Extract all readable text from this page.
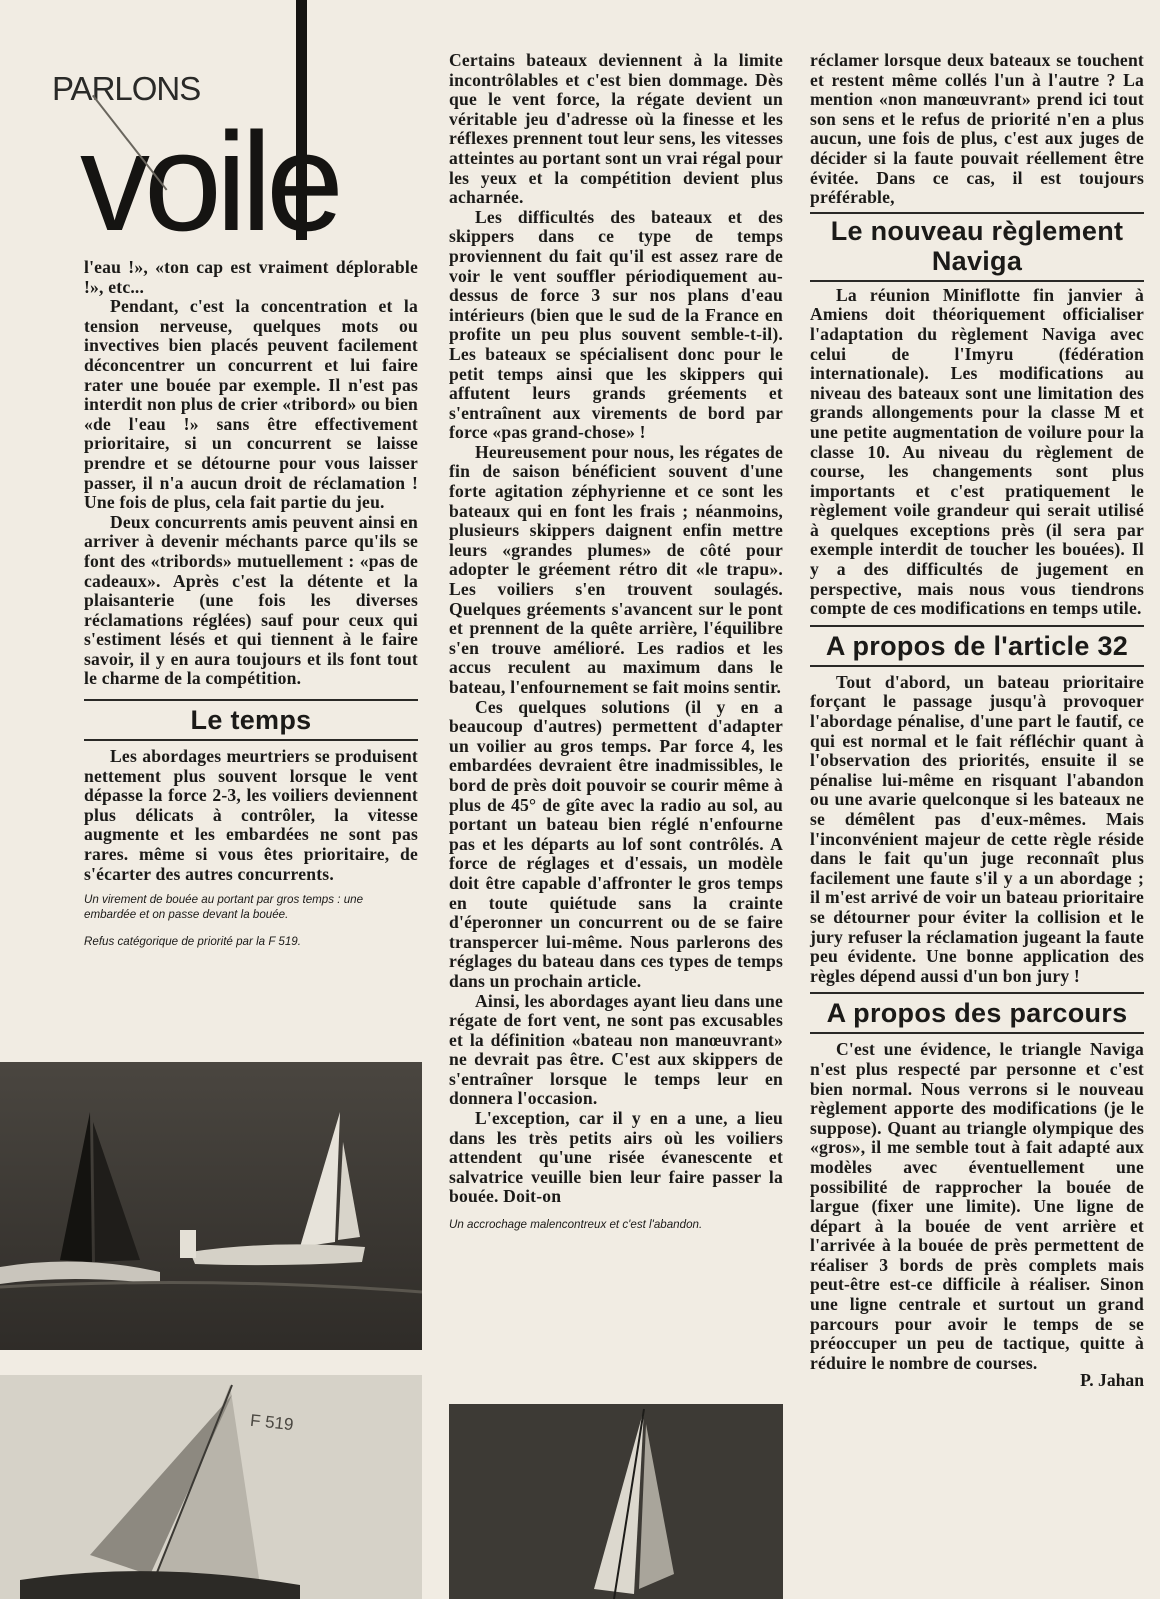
PARLONS
voile

l'eau !», «ton cap est vraiment déplorable !», etc...

Pendant, c'est la concentration et la tension nerveuse, quelques mots ou invectives bien placés peuvent facilement déconcentrer un concurrent et lui faire rater une bouée par exemple. Il n'est pas interdit non plus de crier «tribord» ou bien «de l'eau !» sans être effectivement prioritaire, si un concurrent se laisse prendre et se détourne pour vous laisser passer, il n'a aucun droit de réclamation ! Une fois de plus, cela fait partie du jeu.

Deux concurrents amis peuvent ainsi en arriver à devenir méchants parce qu'ils se font des «tribords» mutuellement : «pas de cadeaux». Après c'est la détente et la plaisanterie (une fois les diverses réclamations réglées) sauf pour ceux qui s'estiment lésés et qui tiennent à le faire savoir, il y en aura toujours et ils font tout le charme de la compétition.

Le temps

Les abordages meurtriers se produisent nettement plus souvent lorsque le vent dépasse la force 2-3, les voiliers deviennent plus délicats à contrôler, la vitesse augmente et les embardées ne sont pas rares. même si vous êtes prioritaire, de s'écarter des autres concurrents.

Un virement de bouée au portant par gros temps : une embardée et on passe devant la bouée.

Refus catégorique de priorité par la F 519.

F 519

Certains bateaux deviennent à la limite incontrôlables et c'est bien dommage. Dès que le vent force, la régate devient un véritable jeu d'adresse où la finesse et les réflexes prennent tout leur sens, les vitesses atteintes au portant sont un vrai régal pour les yeux et la compétition devient plus acharnée.

Les difficultés des bateaux et des skippers dans ce type de temps proviennent du fait qu'il est assez rare de voir le vent souffler périodiquement au-dessus de force 3 sur nos plans d'eau intérieurs (bien que le sud de la France en profite un peu plus souvent semble-t-il). Les bateaux se spécialisent donc pour le petit temps ainsi que les skippers qui affutent leurs grands gréements et s'entraînent aux virements de bord par force «pas grand-chose» !

Heureusement pour nous, les régates de fin de saison bénéficient souvent d'une forte agitation zéphyrienne et ce sont les bateaux qui en font les frais ; néanmoins, plusieurs skippers daignent enfin mettre leurs «grandes plumes» de côté pour adopter le gréement rétro dit «le trapu». Les voiliers s'en trouvent soulagés. Quelques gréements s'avancent sur le pont et prennent de la quête arrière, l'équilibre s'en trouve amélioré. Les radios et les accus reculent au maximum dans le bateau, l'enfournement se fait moins sentir.

Ces quelques solutions (il y en a beaucoup d'autres) permettent d'adapter un voilier au gros temps. Par force 4, les embardées devraient être inadmissibles, le bord de près doit pouvoir se courir même à plus de 45° de gîte avec la radio au sol, au portant un bateau bien réglé n'enfourne pas et les départs au lof sont contrôlés. A force de réglages et d'essais, un modèle doit être capable d'affronter le gros temps en toute quiétude sans la crainte d'éperonner un concurrent ou de se faire transpercer lui-même. Nous parlerons des réglages du bateau dans ces types de temps dans un prochain article.

Ainsi, les abordages ayant lieu dans une régate de fort vent, ne sont pas excusables et la définition «bateau non manœuvrant» ne devrait pas être. C'est aux skippers de s'entraîner lorsque le temps leur en donnera l'occasion.

L'exception, car il y en a une, a lieu dans les très petits airs où les voiliers attendent qu'une risée évanescente et salvatrice veuille bien leur faire passer la bouée. Doit-on

Un accrochage malencontreux et c'est l'abandon.

réclamer lorsque deux bateaux se touchent et restent même collés l'un à l'autre ? La mention «non manœuvrant» prend ici tout son sens et le refus de priorité n'en a plus aucun, une fois de plus, c'est aux juges de décider si la faute pouvait réellement être évitée. Dans ce cas, il est toujours préférable,

Le nouveau règlement Naviga

La réunion Miniflotte fin janvier à Amiens doit théoriquement officialiser l'adaptation du règlement Naviga avec celui de l'Imyru (fédération internationale). Les modifications au niveau des bateaux sont une limitation des grands allongements pour la classe M et une petite augmentation de voilure pour la classe 10. Au niveau du règlement de course, les changements sont plus importants et c'est pratiquement le règlement voile grandeur qui serait utilisé à quelques exceptions près (il sera par exemple interdit de toucher les bouées). Il y a des difficultés de jugement en perspective, mais nous vous tiendrons compte de ces modifications en temps utile.

A propos de l'article 32

Tout d'abord, un bateau prioritaire forçant le passage jusqu'à provoquer l'abordage pénalise, d'une part le fautif, ce qui est normal et le fait réfléchir quant à l'observation des priorités, ensuite il se pénalise lui-même en risquant l'abandon ou une avarie quelconque si les bateaux ne se démêlent pas d'eux-mêmes. Mais l'inconvénient majeur de cette règle réside dans le fait qu'un juge reconnaît plus facilement une faute s'il y a un abordage ; il m'est arrivé de voir un bateau prioritaire se détourner pour éviter la collision et le jury refuser la réclamation jugeant la faute peu évidente. Une bonne application des règles dépend aussi d'un bon jury !

A propos des parcours

C'est une évidence, le triangle Naviga n'est plus respecté par personne et c'est bien normal. Nous verrons si le nouveau règlement apporte des modifications (je le suppose). Quant au triangle olympique des «gros», il me semble tout à fait adapté aux modèles avec éventuellement une possibilité de rapprocher la bouée de largue (fixer une limite). Une ligne de départ à la bouée de vent arrière et l'arrivée à la bouée de près permettent de réaliser 3 bords de près complets mais peut-être est-ce difficile à réaliser. Sinon une ligne centrale et surtout un grand parcours pour avoir le temps de se préoccuper un peu de tactique, quitte à réduire le nombre de courses.

P. Jahan
